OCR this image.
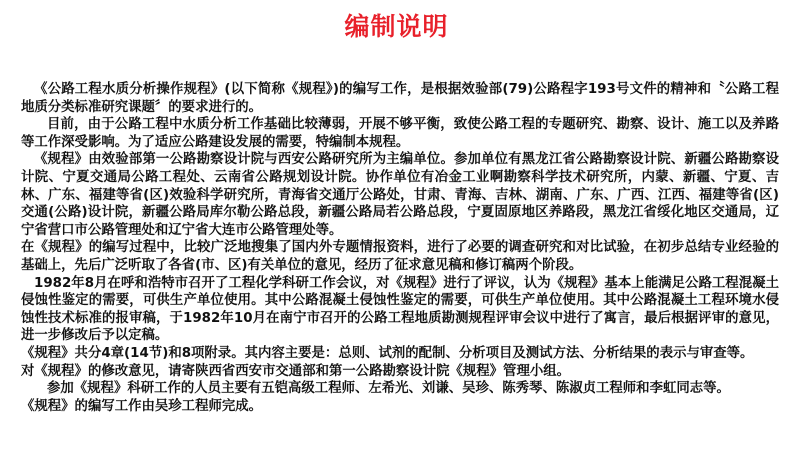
编制说明

《公路工程水质分析操作规程》(以下简称《规程》)的编写工作，是根据效验部(79)公路程字193号文件的精神和〝公路工程地质分类标准研究课题〞的要求进行的。

目前，由于公路工程中水质分析工作基础比较薄弱，开展不够平衡，致使公路工程的专题研究、勘察、设计、施工以及养路等工作深受影响。为了适应公路建设发展的需要，特编制本规程。

《规程》由效验部第一公路勘察设计院与西安公路研究所为主编单位。参加单位有黑龙江省公路勘察设计院、新疆公路勘察设计院、宁夏交通局公路工程处、云南省公路规划设计院。协作单位有冶金工业啊勘察科学技术研究所，内蒙、新疆、宁夏、吉林、广东、福建等省(区)效验科学研究所，青海省交通厅公路处，甘肃、青海、吉林、湖南、广东、广西、江西、福建等省(区)交通(公路)设计院，新疆公路局库尔勒公路总段，新疆公路局若公路总段，宁夏固原地区养路段，黑龙江省绥化地区交通局，辽宁省营口市公路管理处和辽宁省大连市公路管理处等。

在《规程》的编写过程中，比较广泛地搜集了国内外专题情报资料，进行了必要的调查研究和对比试验，在初步总结专业经验的基础上，先后广泛听取了各省(市、区)有关单位的意见，经历了征求意见稿和修订稿两个阶段。

1982年8月在呼和浩特市召开了工程化学科研工作会议，对《规程》进行了评议，认为《规程》基本上能满足公路工程混凝土侵蚀性鉴定的需要，可供生产单位使用。其中公路混凝土侵蚀性鉴定的需要，可供生产单位使用。其中公路混凝土工程环境水侵蚀性技术标准的报审稿，于1982年10月在南宁市召开的公路工程地质勘测规程评审会议中进行了寓言，最后根据评审的意见，进一步修改后予以定稿。

《规程》共分4章(14节)和8项附录。其内容主要是：总则、试剂的配制、分析项目及测试方法、分析结果的表示与审查等。

对《规程》的修改意见，请寄陕西省西安市交通部和第一公路勘察设计院《规程》管理小组。

参加《规程》科研工作的人员主要有五铠高级工程师、左希光、刘谦、吴珍、陈秀琴、陈淑贞工程师和李虹同志等。

《规程》的编写工作由吴珍工程师完成。
